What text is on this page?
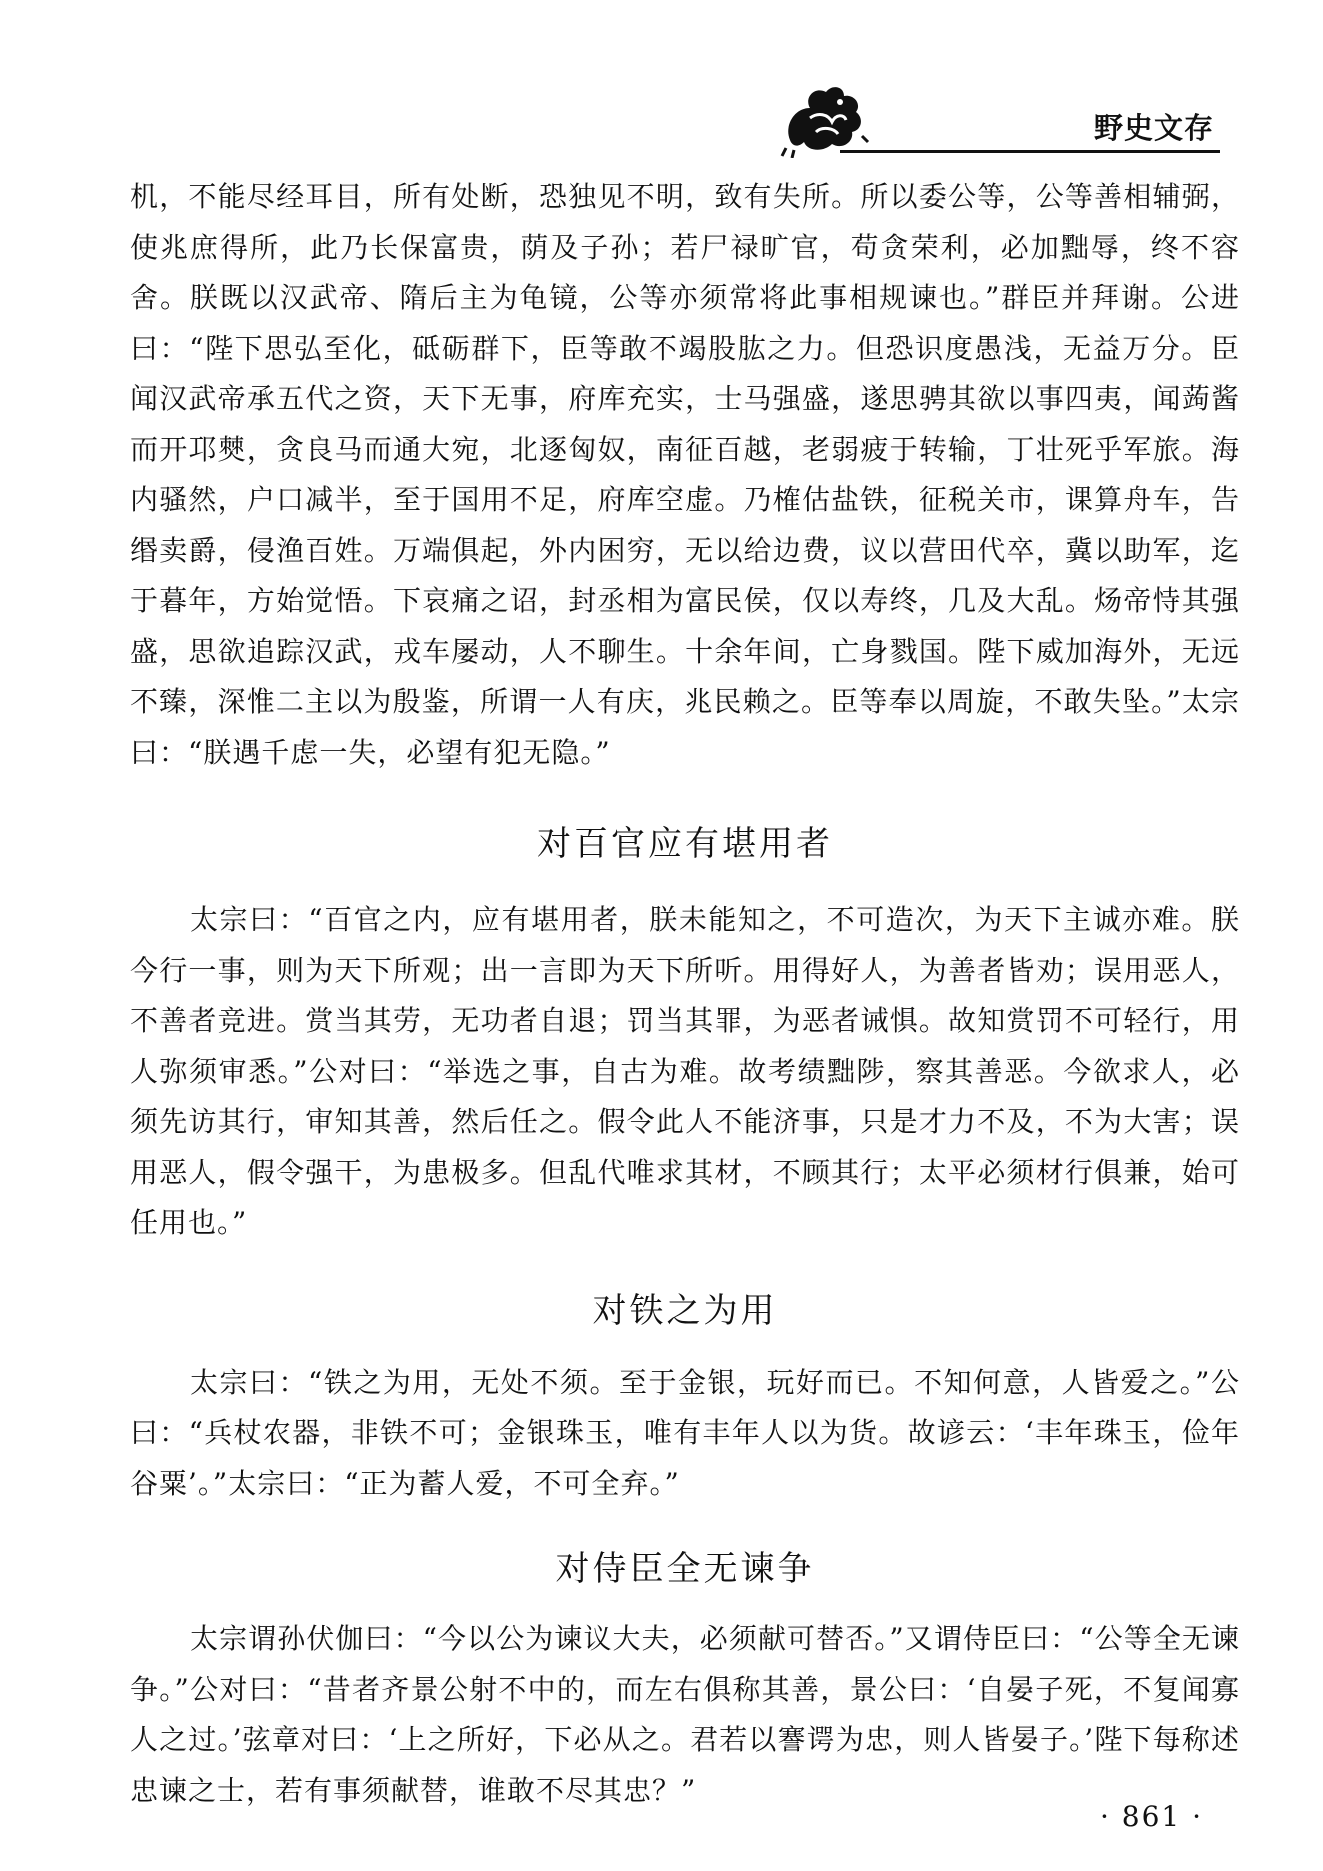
野史文存

机，不能尽经耳目，所有处断，恐独见不明，致有失所。所以委公等，公等善相辅弼，使兆庶得所，此乃长保富贵，荫及子孙；若尸禄旷官，苟贪荣利，必加黜辱，终不容舍。朕既以汉武帝、隋后主为龟镜，公等亦须常将此事相规谏也。”群臣并拜谢。公进曰：“陛下思弘至化，砥砺群下，臣等敢不竭股肱之力。但恐识度愚浅，无益万分。臣闻汉武帝承五代之资，天下无事，府库充实，士马强盛，遂思骋其欲以事四夷，闻蒟酱而开邛僰，贪良马而通大宛，北逐匈奴，南征百越，老弱疲于转输，丁壮死乎军旅。海内骚然，户口减半，至于国用不足，府库空虚。乃榷估盐铁，征税关市，课算舟车，告缗卖爵，侵渔百姓。万端俱起，外内困穷，无以给边费，议以营田代卒，冀以助军，迄于暮年，方始觉悟。下哀痛之诏，封丞相为富民侯，仅以寿终，几及大乱。炀帝恃其强盛，思欲追踪汉武，戎车屡动，人不聊生。十余年间，亡身戮国。陛下威加海外，无远不臻，深惟二主以为殷鉴，所谓一人有庆，兆民赖之。臣等奉以周旋，不敢失坠。”太宗曰：“朕遇千虑一失，必望有犯无隐。”

对百官应有堪用者

太宗曰：“百官之内，应有堪用者，朕未能知之，不可造次，为天下主诚亦难。朕今行一事，则为天下所观；出一言即为天下所听。用得好人，为善者皆劝；误用恶人，不善者竞进。赏当其劳，无功者自退；罚当其罪，为恶者诫惧。故知赏罚不可轻行，用人弥须审悉。”公对曰：“举选之事，自古为难。故考绩黜陟，察其善恶。今欲求人，必须先访其行，审知其善，然后任之。假令此人不能济事，只是才力不及，不为大害；误用恶人，假令强干，为患极多。但乱代唯求其材，不顾其行；太平必须材行俱兼，始可任用也。”

对铁之为用

太宗曰：“铁之为用，无处不须。至于金银，玩好而已。不知何意，人皆爱之。”公曰：“兵杖农器，非铁不可；金银珠玉，唯有丰年人以为货。故谚云：‘丰年珠玉，俭年谷粟’。”太宗曰：“正为蓄人爱，不可全弃。”

对侍臣全无谏争

太宗谓孙伏伽曰：“今以公为谏议大夫，必须献可替否。”又谓侍臣曰：“公等全无谏争。”公对曰：“昔者齐景公射不中的，而左右俱称其善，景公曰：‘自晏子死，不复闻寡人之过。’弦章对曰：‘上之所好，下必从之。君若以謇谔为忠，则人皆晏子。’陛下每称述忠谏之士，若有事须献替，谁敢不尽其忠？”

· 861 ·
